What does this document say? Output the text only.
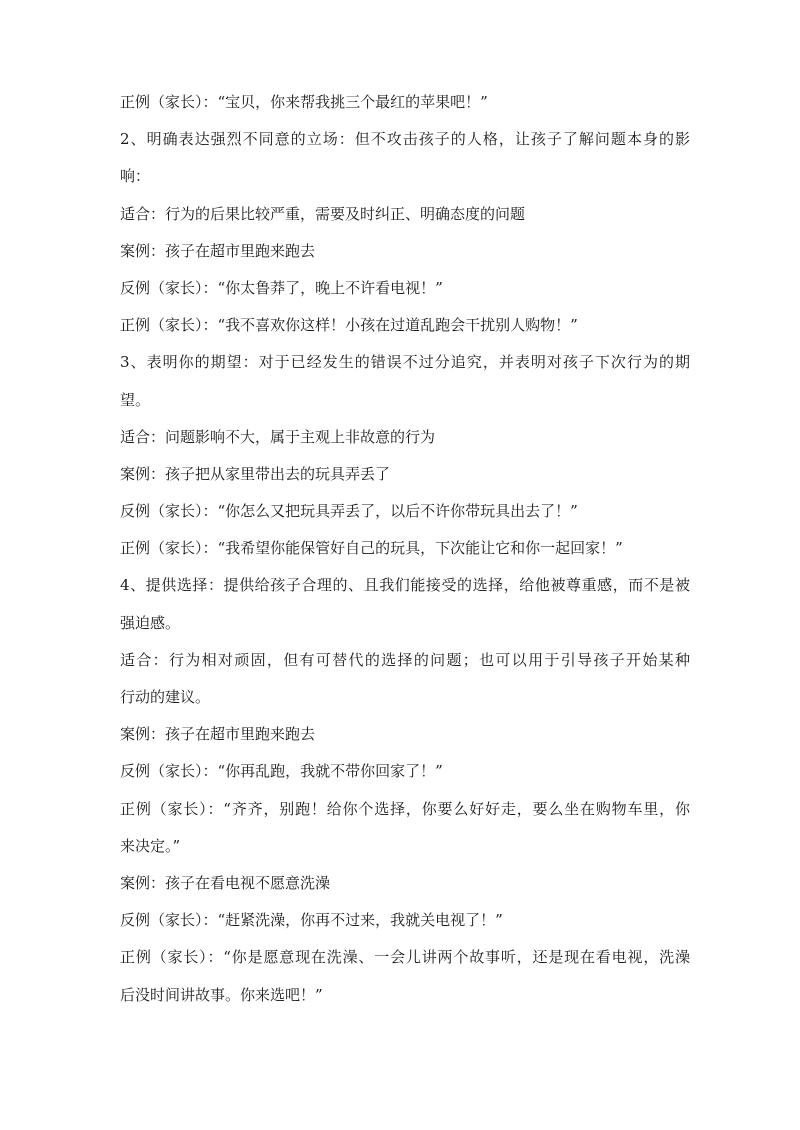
正例（家长）：“宝贝，你来帮我挑三个最红的苹果吧！”
2、明确表达强烈不同意的立场：但不攻击孩子的人格，让孩子了解问题本身的影
响：
适合：行为的后果比较严重，需要及时纠正、明确态度的问题
案例：孩子在超市里跑来跑去
反例（家长）：“你太鲁莽了，晚上不许看电视！”
正例（家长）：“我不喜欢你这样！小孩在过道乱跑会干扰别人购物！”
3、表明你的期望：对于已经发生的错误不过分追究，并表明对孩子下次行为的期
望。
适合：问题影响不大，属于主观上非故意的行为
案例：孩子把从家里带出去的玩具弄丢了
反例（家长）：“你怎么又把玩具弄丢了，以后不许你带玩具出去了！”
正例（家长）：“我希望你能保管好自己的玩具，下次能让它和你一起回家！”
4、提供选择：提供给孩子合理的、且我们能接受的选择，给他被尊重感，而不是被
强迫感。
适合：行为相对顽固，但有可替代的选择的问题；也可以用于引导孩子开始某种
行动的建议。
案例：孩子在超市里跑来跑去
反例（家长）：“你再乱跑，我就不带你回家了！”
正例（家长）：“齐齐，别跑！给你个选择，你要么好好走，要么坐在购物车里，你
来决定。”
案例：孩子在看电视不愿意洗澡
反例（家长）：“赶紧洗澡，你再不过来，我就关电视了！”
正例（家长）：“你是愿意现在洗澡、一会儿讲两个故事听，还是现在看电视，洗澡
后没时间讲故事。你来选吧！”
